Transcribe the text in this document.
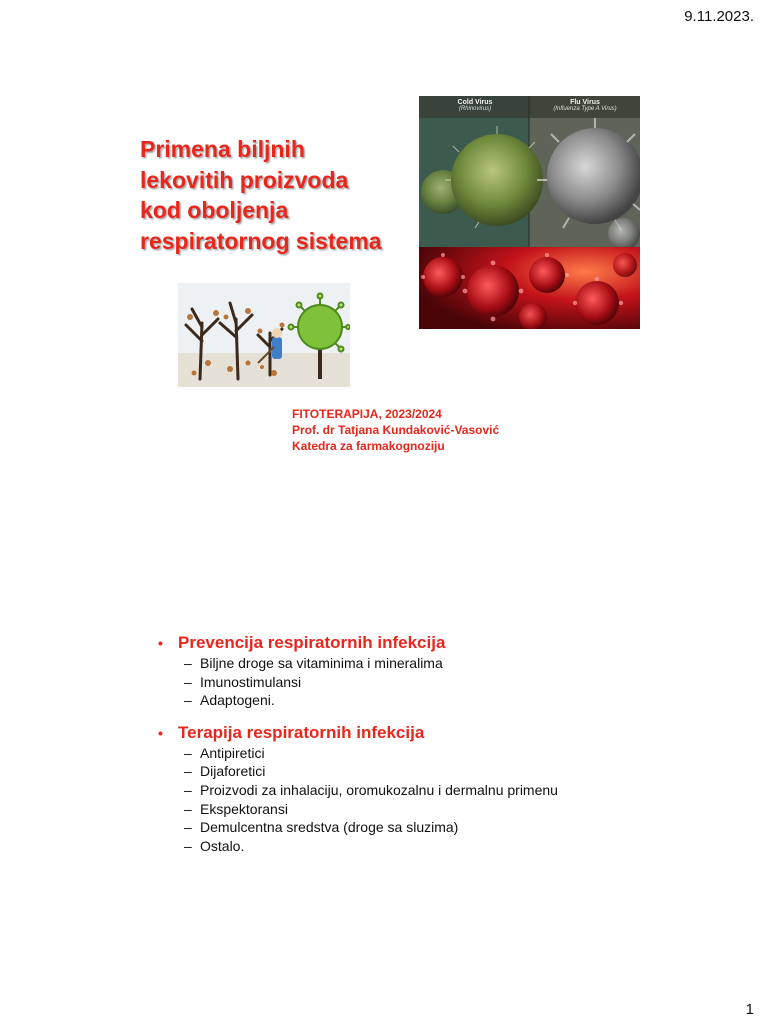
9.11.2023.
Primena biljnih
lekovitih proizvoda
kod oboljenja
respiratornog sistema
Cold Virus
(Rhinovirus)
Flu Virus
(Influenza Type A Virus)
FITOTERAPIJA, 2023/2024
Prof. dr Tatjana Kundaković-Vasović
Katedra za farmakognoziju
• Prevencija respiratornih infekcija
– Biljne droge sa vitaminima i mineralima
– Imunostimulansi
– Adaptogeni.
• Terapija respiratornih infekcija
– Antipiretici
– Dijaforetici
– Proizvodi za inhalaciju, oromukozalnu i dermalnu primenu
– Ekspektoransi
– Demulcentna sredstva (droge sa sluzima)
– Ostalo.
1
